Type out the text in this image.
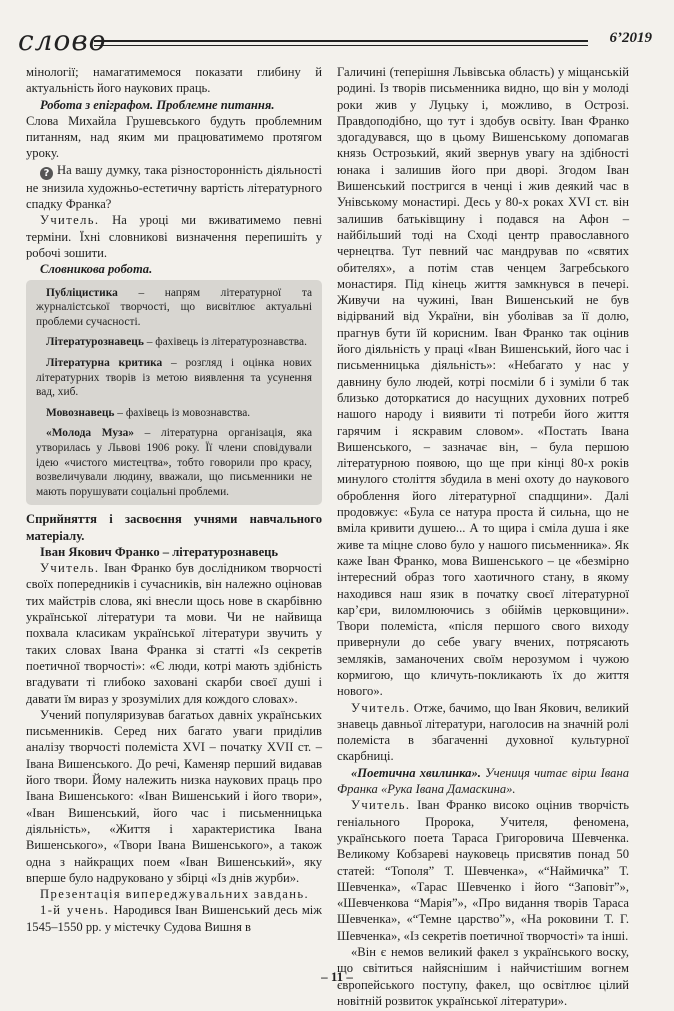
слово	6’2019

мінології; намагатимемося показати глибину й актуальність його наукових праць.

Робота з епіграфом. Проблемне питання.

Слова Михайла Грушевського будуть проблемним питанням, над яким ми працюватимемо протягом уроку.

? На вашу думку, така різносторонність діяльності не знизила художньо-естетичну вартість літературного спадку Франка?

Учитель. На уроці ми вживатимемо певні терміни. Їхні словникові визначення перепишіть у робочі зошити.

Словникова робота.

Публіцистика – напрям літературної та журналістської творчості, що висвітлює актуальні проблеми сучасності.

Літературознавець – фахівець із літературознавства.

Літературна критика – розгляд і оцінка нових літературних творів із метою виявлення та усунення вад, хиб.

Мовознавець – фахівець із мовознавства.

«Молода Муза» – літературна організація, яка утворилась у Львові 1906 року. Її члени сповідували ідею «чистого мистецтва», тобто говорили про красу, возвеличували людину, вважали, що письменники не мають порушувати соціальні проблеми.

Сприйняття і засвоєння учнями навчального матеріалу.

Іван Якович Франко – літературознавець

Учитель. Іван Франко був дослідником творчості своїх попередників і сучасників, він належно оціновав тих майстрів слова, які внесли щось нове в скарбівню української літератури та мови. Чи не найвища похвала класикам української літератури звучить у таких словах Івана Франка зі статті «Із секретів поетичної творчості»: «Є люди, котрі мають здібність вгадувати ті глибоко заховані скарби своєї душі і давати їм вираз у зрозумілих для кождого словах».

Учений популяризував багатьох давніх українських письменників. Серед них багато уваги приділив аналізу творчості полеміста XVI – початку XVII ст. – Івана Вишенського. До речі, Каменяр перший видавав його твори. Йому належить низка наукових праць про Івана Вишенського: «Іван Вишенський і його твори», «Іван Вишенський, його час і письменницька діяльність», «Життя і характеристика Івана Вишенського», «Твори Івана Вишенського», а також одна з найкращих поем «Іван Вишенський», яку вперше було надруковано у збірці «Із днів журби».

Презентація випереджувальних завдань.

1-й учень. Народився Іван Вишенський десь між 1545–1550 рр. у містечку Судова Вишня в

Галичині (теперішня Львівська область) у міщанській родині. Із творів письменника видно, що він у молоді роки жив у Луцьку і, можливо, в Острозі. Правдоподібно, що тут і здобув освіту. Іван Франко здогадувався, що в цьому Вишенському допомагав князь Острозький, який звернув увагу на здібності юнака і залишив його при дворі. Згодом Іван Вишенський постригся в ченці і жив деякий час в Унівському монастирі. Десь у 80-х роках XVI ст. він залишив батьківщину і подався на Афон – найбільший тоді на Сході центр православного чернецтва. Тут певний час мандрував по «святих обителях», а потім став ченцем Загребського монастиря. Під кінець життя замкнувся в печері. Живучи на чужині, Іван Вишенський не був відірваний від України, він уболівав за її долю, прагнув бути їй корисним. Іван Франко так оцінив його діяльність у праці «Іван Вишенський, його час і письменницька діяльність»: «Небагато у нас у давнину було людей, котрі посміли б і зуміли б так близько доторкатися до насущних духовних потреб нашого народу і виявити ті потреби його життя гарячим і яскравим словом». «Постать Івана Вишенського, – зазначає він, – була першою літературною появою, що ще при кінці 80-х років минулого століття збудила в мені охоту до наукового оброблення його літературної спадщини». Далі продовжує: «Була се натура проста й сильна, що не вміла кривити душею... А то щира і сміла душа і яке живе та міцне слово було у нашого письменника». Як каже Іван Франко, мова Вишенського – це «безмірно інтересний образ того хаотичного стану, в якому находився наш язик в початку своєї літературної кар’єри, виломлюючись з обіймів церковщини». Твори полеміста, «після першого свого виходу привернули до себе увагу вчених, потрясають земляків, заманочених своїм нерозумом і чужою кормигою, що кличуть-покликають їх до життя нового».

Учитель. Отже, бачимо, що Іван Якович, великий знавець давньої літератури, наголосив на значній ролі полеміста в збагаченні духовної культурної скарбниці.

«Поетична хвилинка». Учениця читає вірш Івана Франка «Рука Івана Дамаскина».

Учитель. Іван Франко високо оцінив творчість геніального Пророка, Учителя, феномена, українського поета Тараса Григоровича Шевченка. Великому Кобзареві науковець присвятив понад 50 статей: “Тополя” Т. Шевченка», «“Наймичка” Т. Шевченка», «Тарас Шевченко і його “Заповіт”», «Шевченкова “Марія”», «Про видання творів Тараса Шевченка», «“Темне царство”», «На роковини Т. Г. Шевченка», «Із секретів поетичної творчості» та інші.

«Він є немов великий факел з українського воску, що світиться найяснішим і найчистішим вогнем європейського поступу, факел, що освітлює цілий новітній розвиток української літератури».

– 11 –
